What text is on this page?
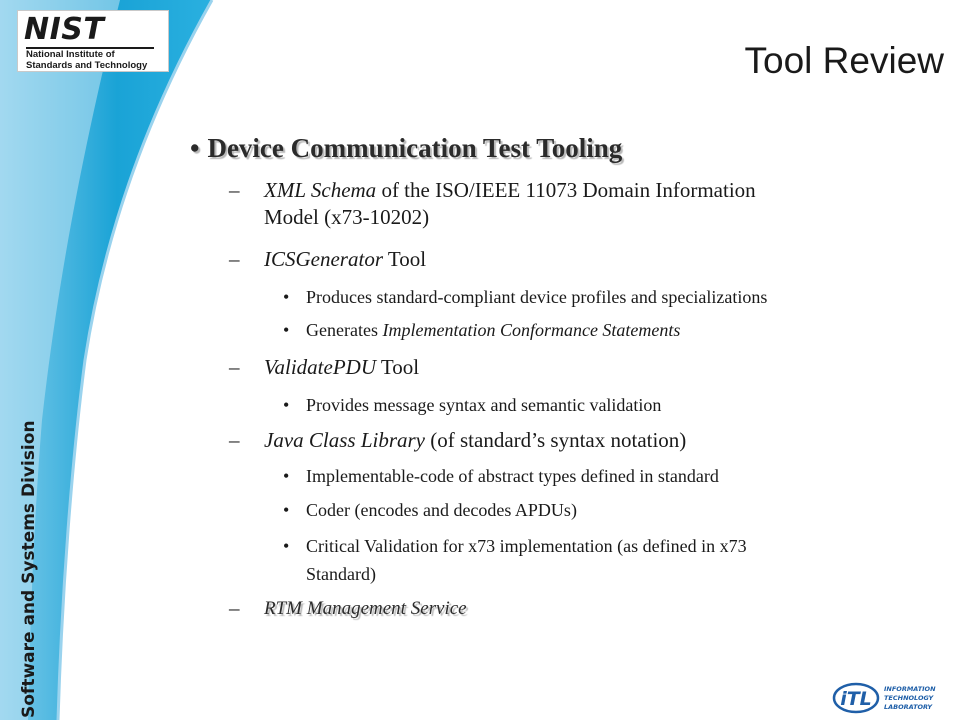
NIST
National Institute of
Standards and Technology
Software and Systems Division
Tool Review
• Device Communication Test Tooling
– XML Schema of the ISO/IEEE 11073 Domain Information
Model (x73-10202)
– ICSGenerator Tool
• Produces standard-compliant device profiles and specializations
• Generates Implementation Conformance Statements
– ValidatePDU Tool
• Provides message syntax and semantic validation
– Java Class Library (of standard’s syntax notation)
• Implementable-code of abstract types defined in standard
• Coder (encodes and decodes APDUs)
• Critical Validation for x73 implementation (as defined in x73
Standard)
– RTM Management Service
iTL INFORMATION
TECHNOLOGY
LABORATORY
